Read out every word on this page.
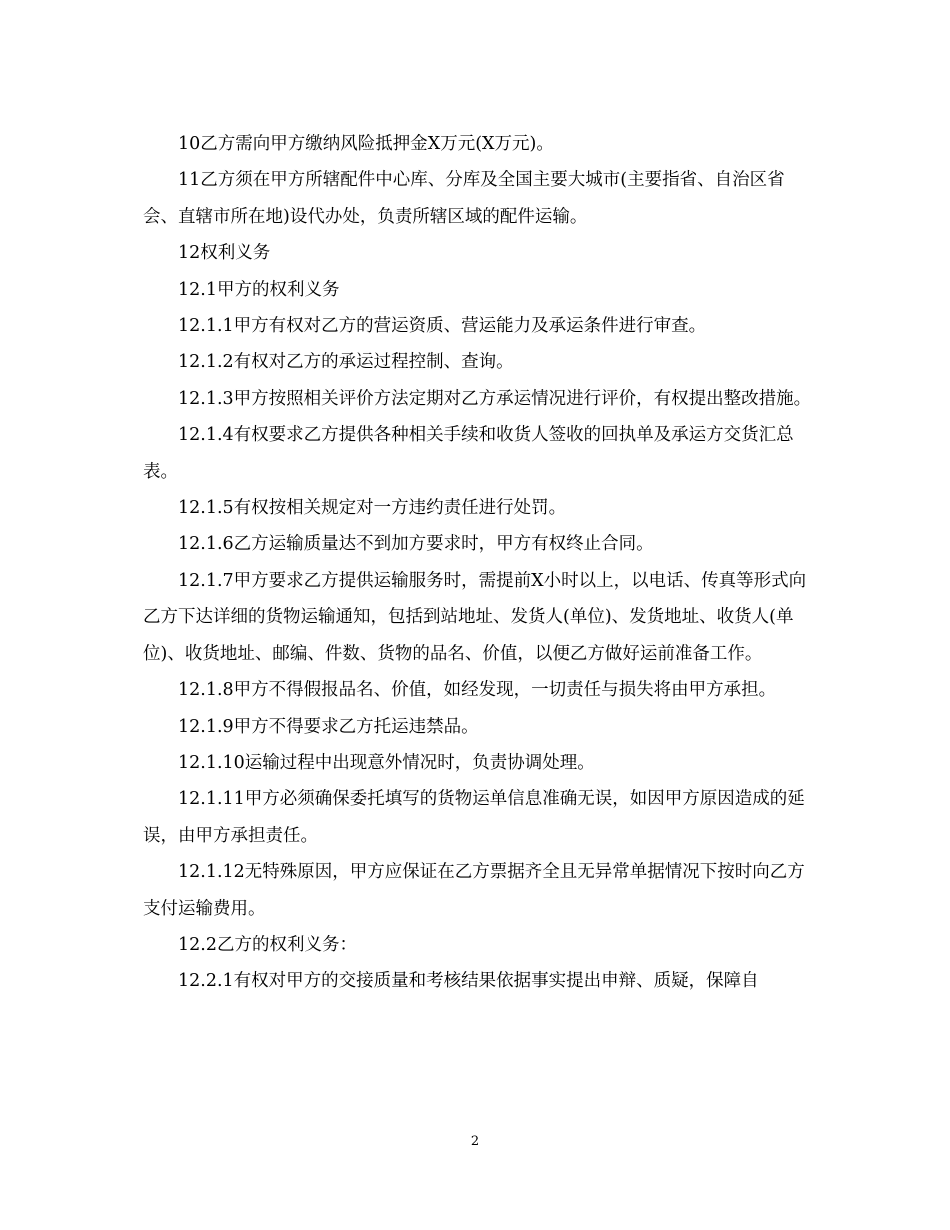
10乙方需向甲方缴纳风险抵押金X万元(X万元)。

11乙方须在甲方所辖配件中心库、分库及全国主要大城市(主要指省、自治区省会、直辖市所在地)设代办处，负责所辖区域的配件运输。

12权利义务

12.1甲方的权利义务

12.1.1甲方有权对乙方的营运资质、营运能力及承运条件进行审查。

12.1.2有权对乙方的承运过程控制、查询。

12.1.3甲方按照相关评价方法定期对乙方承运情况进行评价，有权提出整改措施。

12.1.4有权要求乙方提供各种相关手续和收货人签收的回执单及承运方交货汇总表。

12.1.5有权按相关规定对一方违约责任进行处罚。

12.1.6乙方运输质量达不到加方要求时，甲方有权终止合同。

12.1.7甲方要求乙方提供运输服务时，需提前X小时以上，以电话、传真等形式向乙方下达详细的货物运输通知，包括到站地址、发货人(单位)、发货地址、收货人(单位)、收货地址、邮编、件数、货物的品名、价值，以便乙方做好运前准备工作。

12.1.8甲方不得假报品名、价值，如经发现，一切责任与损失将由甲方承担。

12.1.9甲方不得要求乙方托运违禁品。

12.1.10运输过程中出现意外情况时，负责协调处理。

12.1.11甲方必须确保委托填写的货物运单信息准确无误，如因甲方原因造成的延误，由甲方承担责任。

12.1.12无特殊原因，甲方应保证在乙方票据齐全且无异常单据情况下按时向乙方支付运输费用。

12.2乙方的权利义务：

12.2.1有权对甲方的交接质量和考核结果依据事实提出申辩、质疑，保障自

2
